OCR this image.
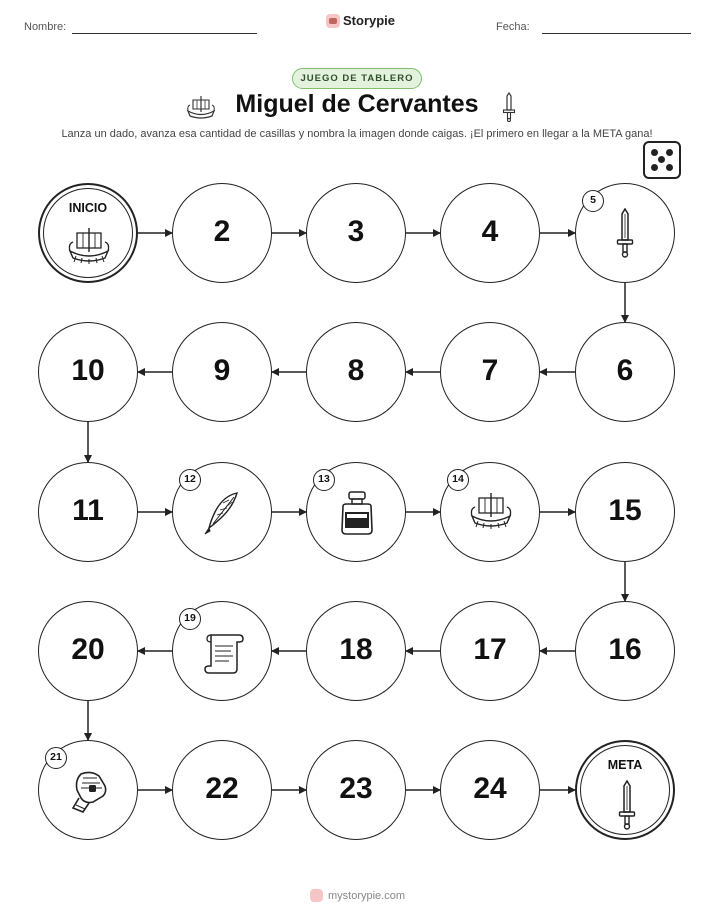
Nombre:	Storypie	Fecha:
JUEGO DE TABLERO
Miguel de Cervantes
Lanza un dado, avanza esa cantidad de casillas y nombra la imagen donde caigas. ¡El primero en llegar a la META gana!
INICIO
2	3	4
5
6
7
8
9
10
11
12	13	14
15
16
17
18
19
20
21
22	23	24
META
mystorypie.com
